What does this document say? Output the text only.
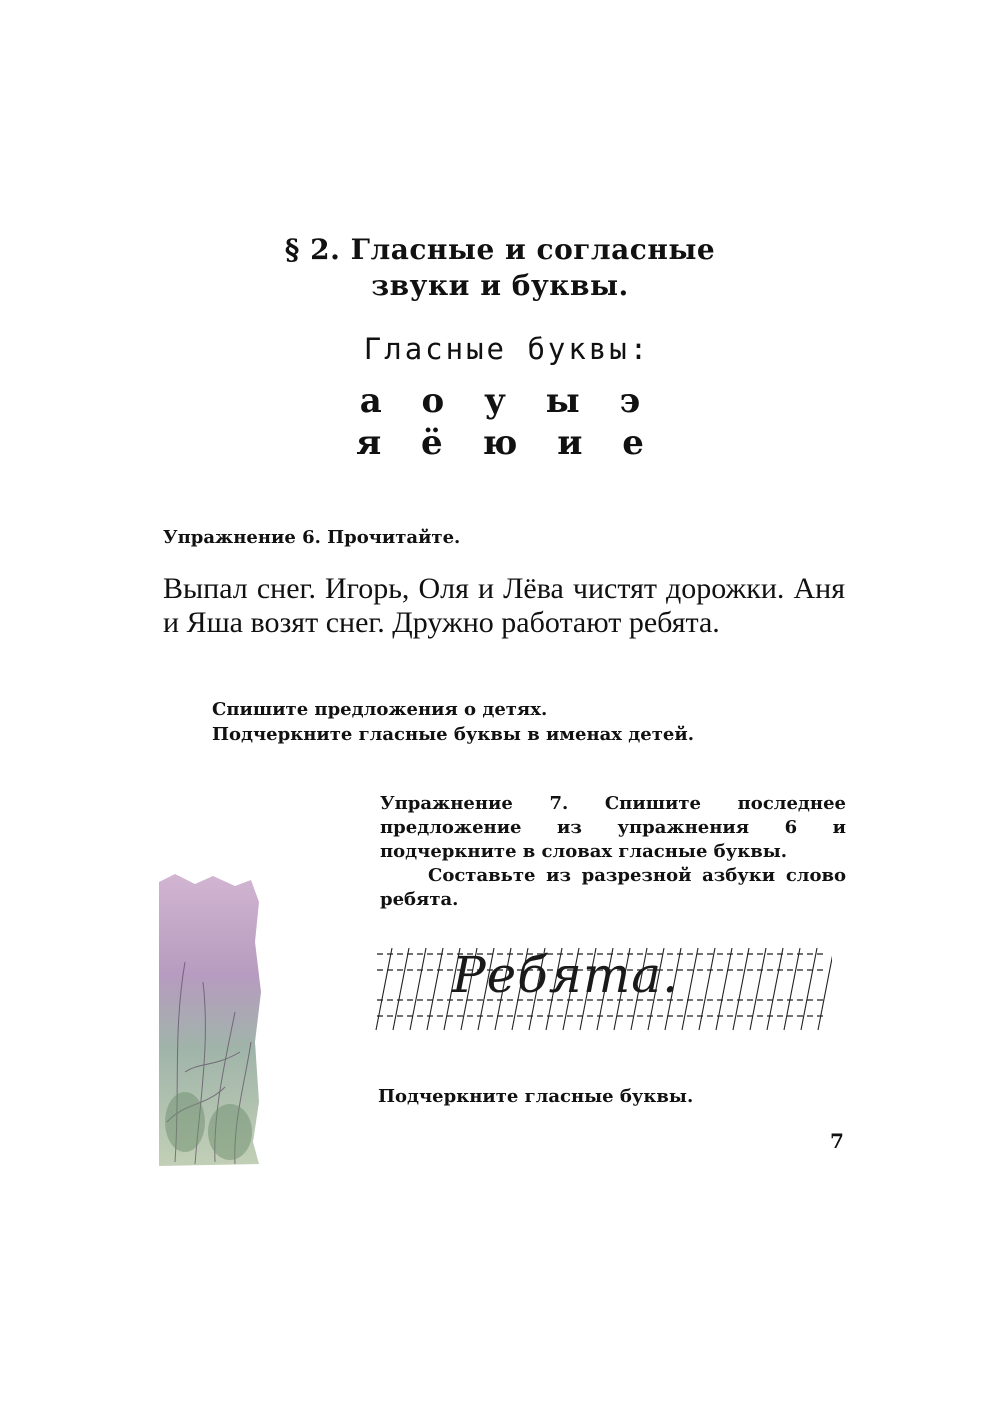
§ 2. Гласные и согласные
звуки и буквы.
Гласные буквы:
а о у ы э
я ё ю и е
Упражнение 6. Прочитайте.
Выпал снег. Игорь, Оля и Лёва чистят дорожки. Аня и Яша возят снег. Дружно работают ребята.
Спишите предложения о детях.
Подчеркните гласные буквы в именах детей.
Упражнение 7. Спишите последнее предложение из упражнения 6 и подчеркните в словах гласные буквы.
Составьте из разрезной азбуки слово ребята.
Ребята.
Подчеркните гласные буквы.
7
